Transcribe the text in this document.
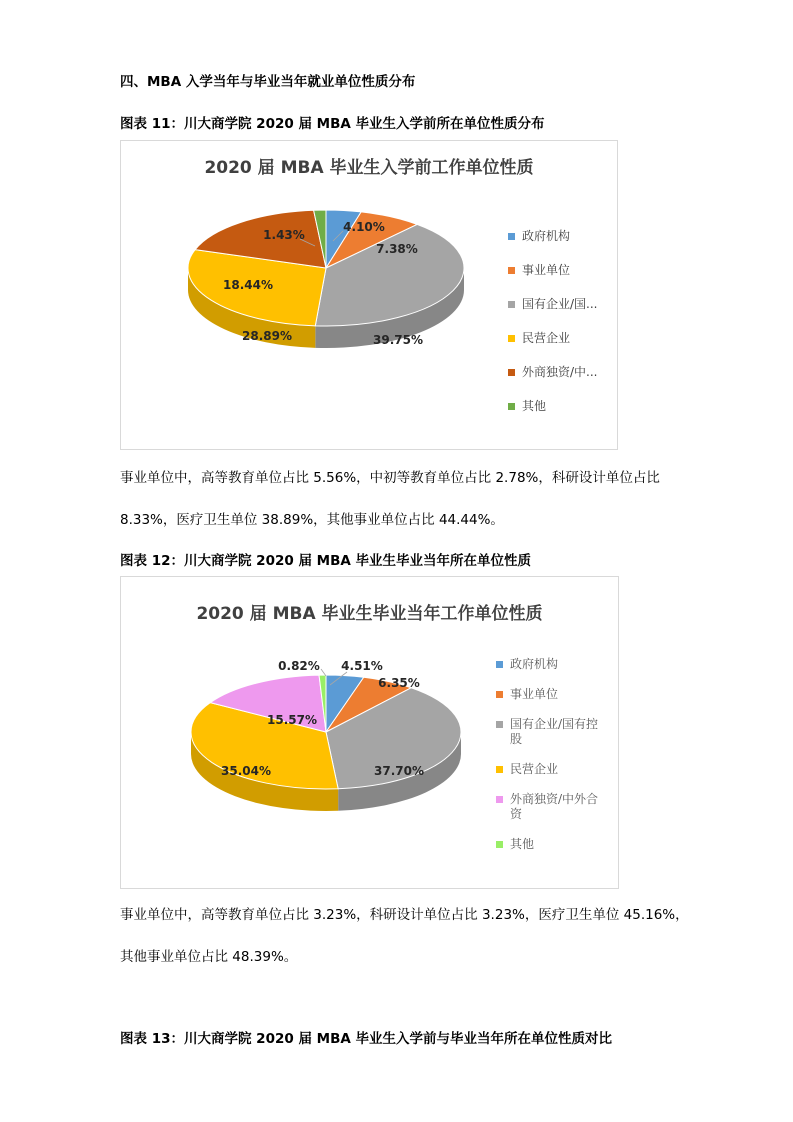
四、MBA 入学当年与毕业当年就业单位性质分布
图表 11：川大商学院 2020 届 MBA 毕业生入学前所在单位性质分布
2020 届 MBA 毕业生入学前工作单位性质
4.10%
7.38%
39.75%
28.89%
18.44%
1.43%	政府机构
事业单位
国有企业/国...
民营企业
外商独资/中...
其他
事业单位中，高等教育单位占比 5.56%，中初等教育单位占比 2.78%，科研设计单位占比
8.33%，医疗卫生单位 38.89%，其他事业单位占比 44.44%。
图表 12：川大商学院 2020 届 MBA 毕业生毕业当年所在单位性质
2020 届 MBA 毕业生毕业当年工作单位性质
4.51%
6.35%
37.70%
35.04%
15.57%
0.82%	政府机构
事业单位
国有企业/国有控
股
民营企业
外商独资/中外合
资
其他
事业单位中，高等教育单位占比 3.23%，科研设计单位占比 3.23%，医疗卫生单位 45.16%，
其他事业单位占比 48.39%。
图表 13：川大商学院 2020 届 MBA 毕业生入学前与毕业当年所在单位性质对比
